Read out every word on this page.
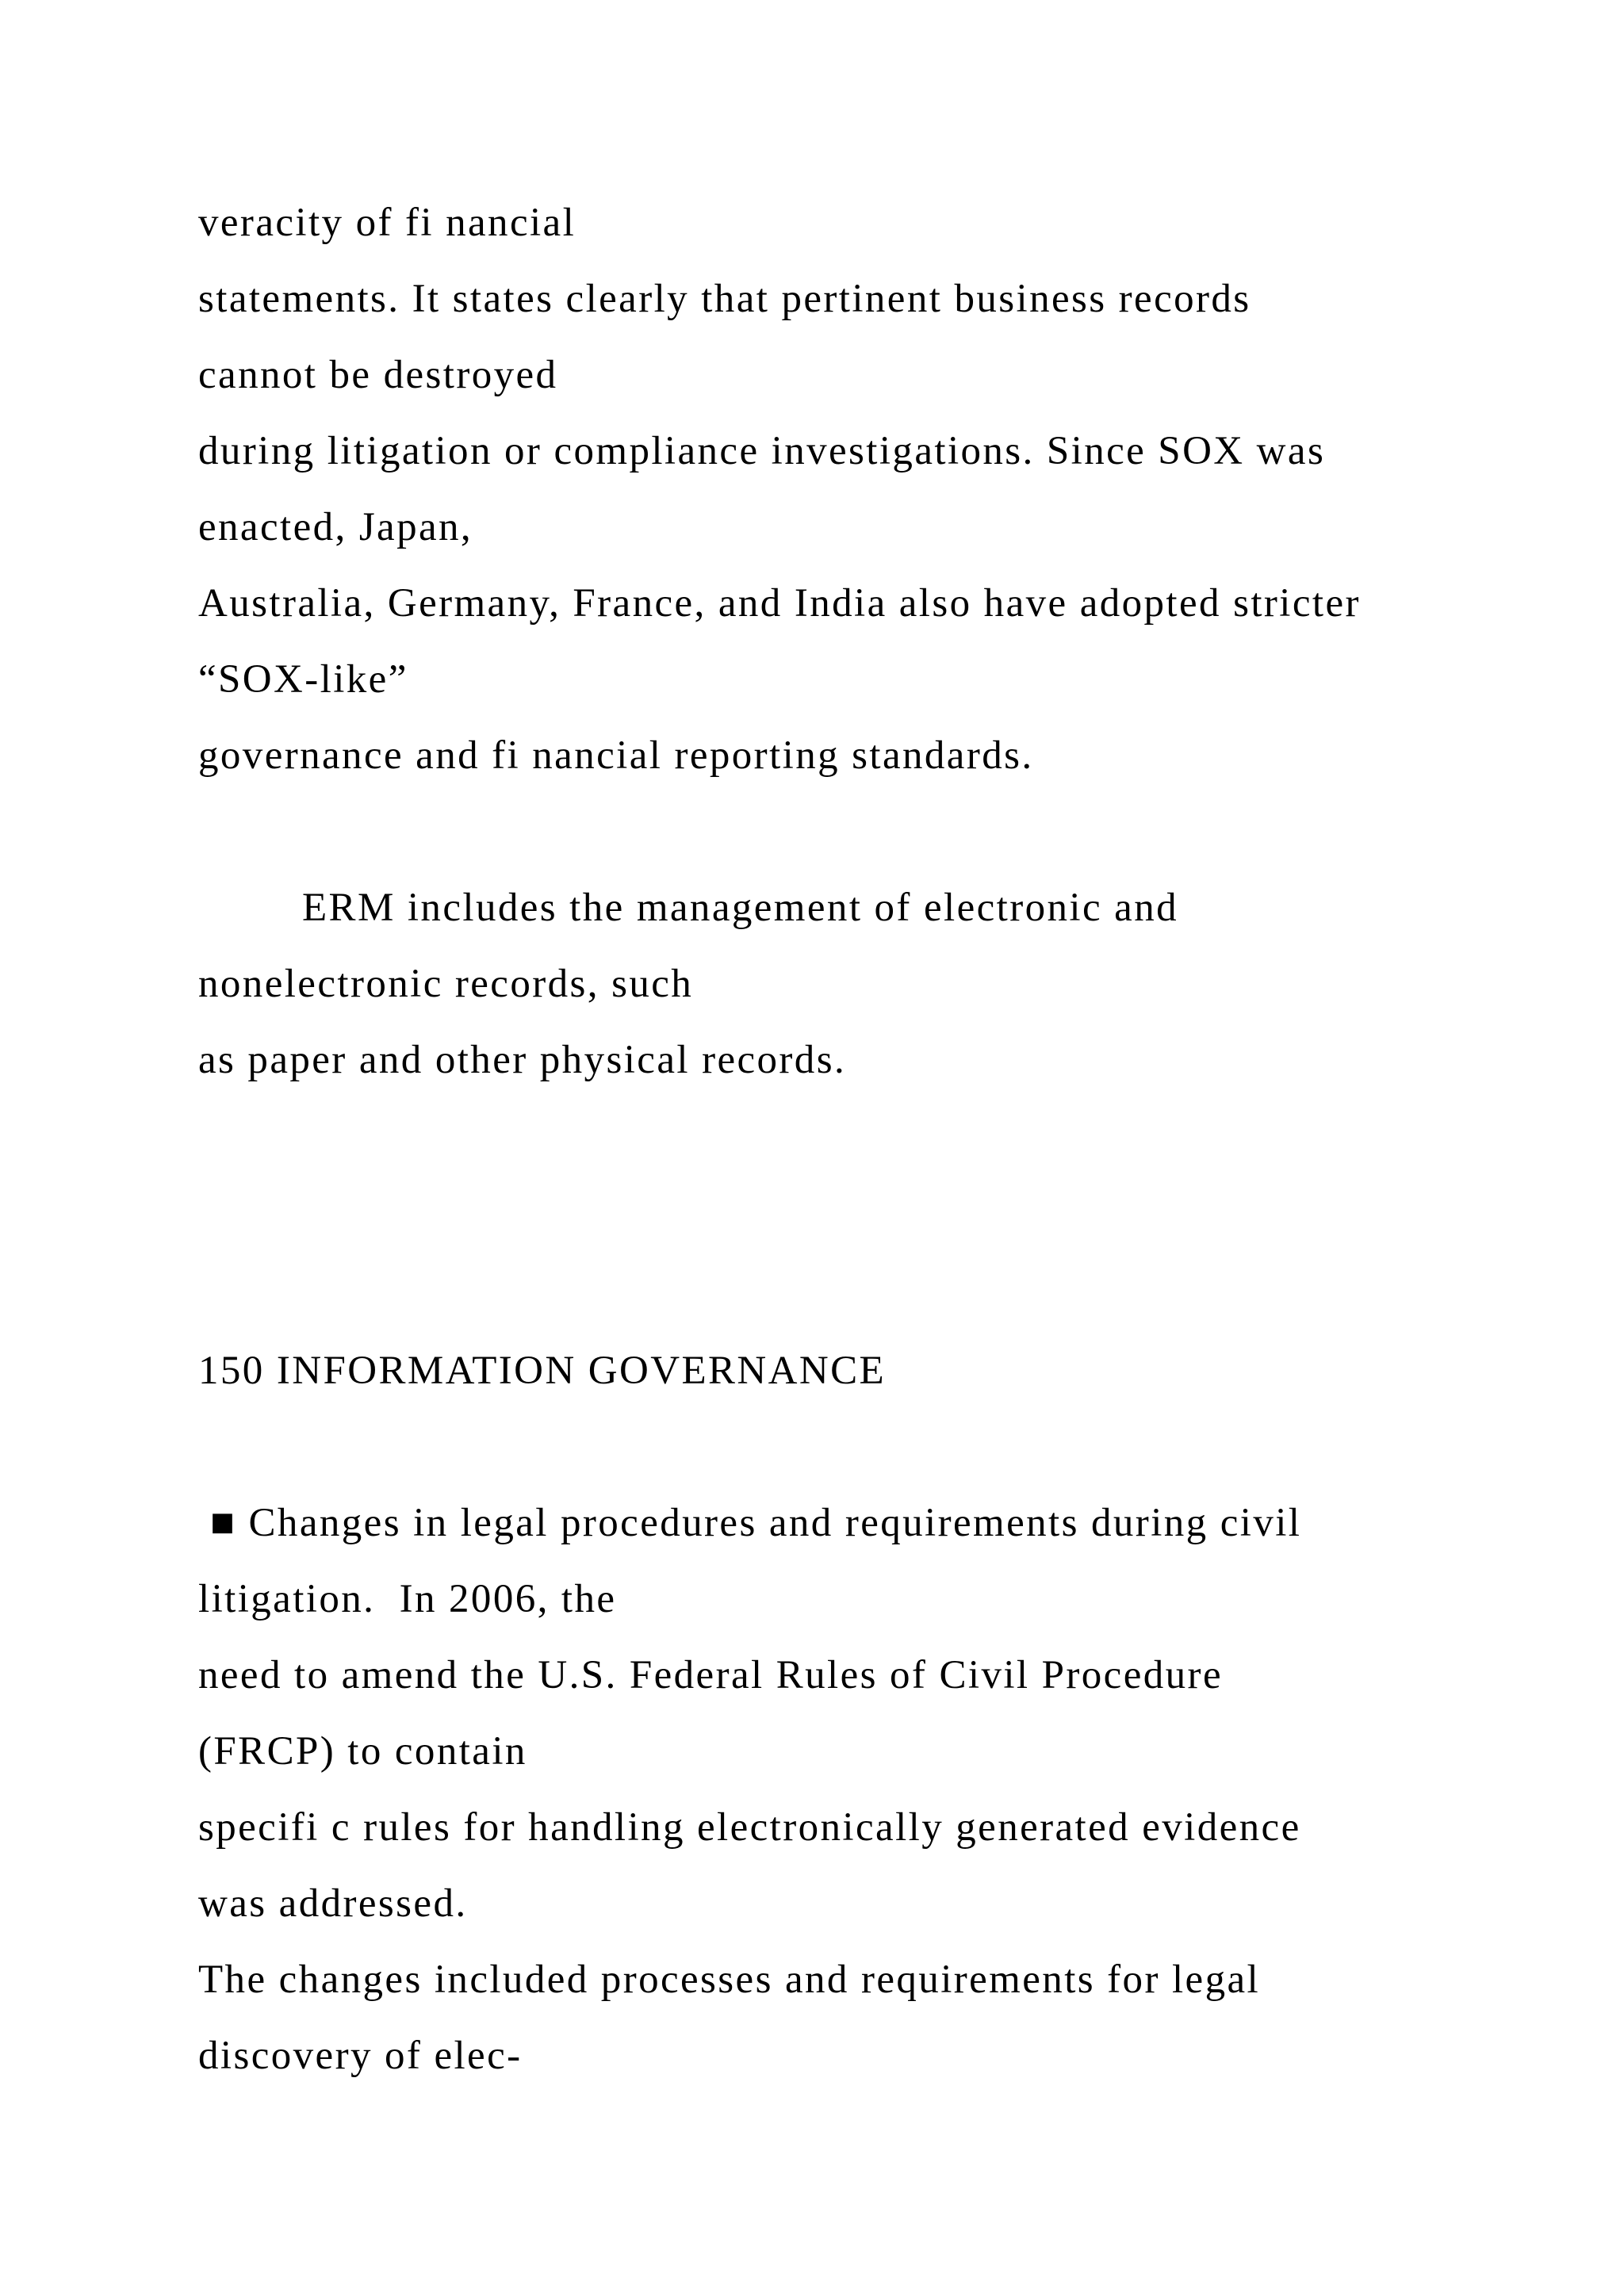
veracity of fi nancial

statements. It states clearly that pertinent business records

cannot be destroyed

during litigation or compliance investigations. Since SOX was

enacted, Japan,

Australia, Germany, France, and India also have adopted stricter

“SOX-like”

governance and fi nancial reporting standards.

ERM includes the management of electronic and

nonelectronic records, such

as paper and other physical records.

150 INFORMATION GOVERNANCE

■ Changes in legal procedures and requirements during civil

litigation.  In 2006, the

need to amend the U.S. Federal Rules of Civil Procedure

(FRCP) to contain

specifi c rules for handling electronically generated evidence

was addressed.

The changes included processes and requirements for legal

discovery of elec-
